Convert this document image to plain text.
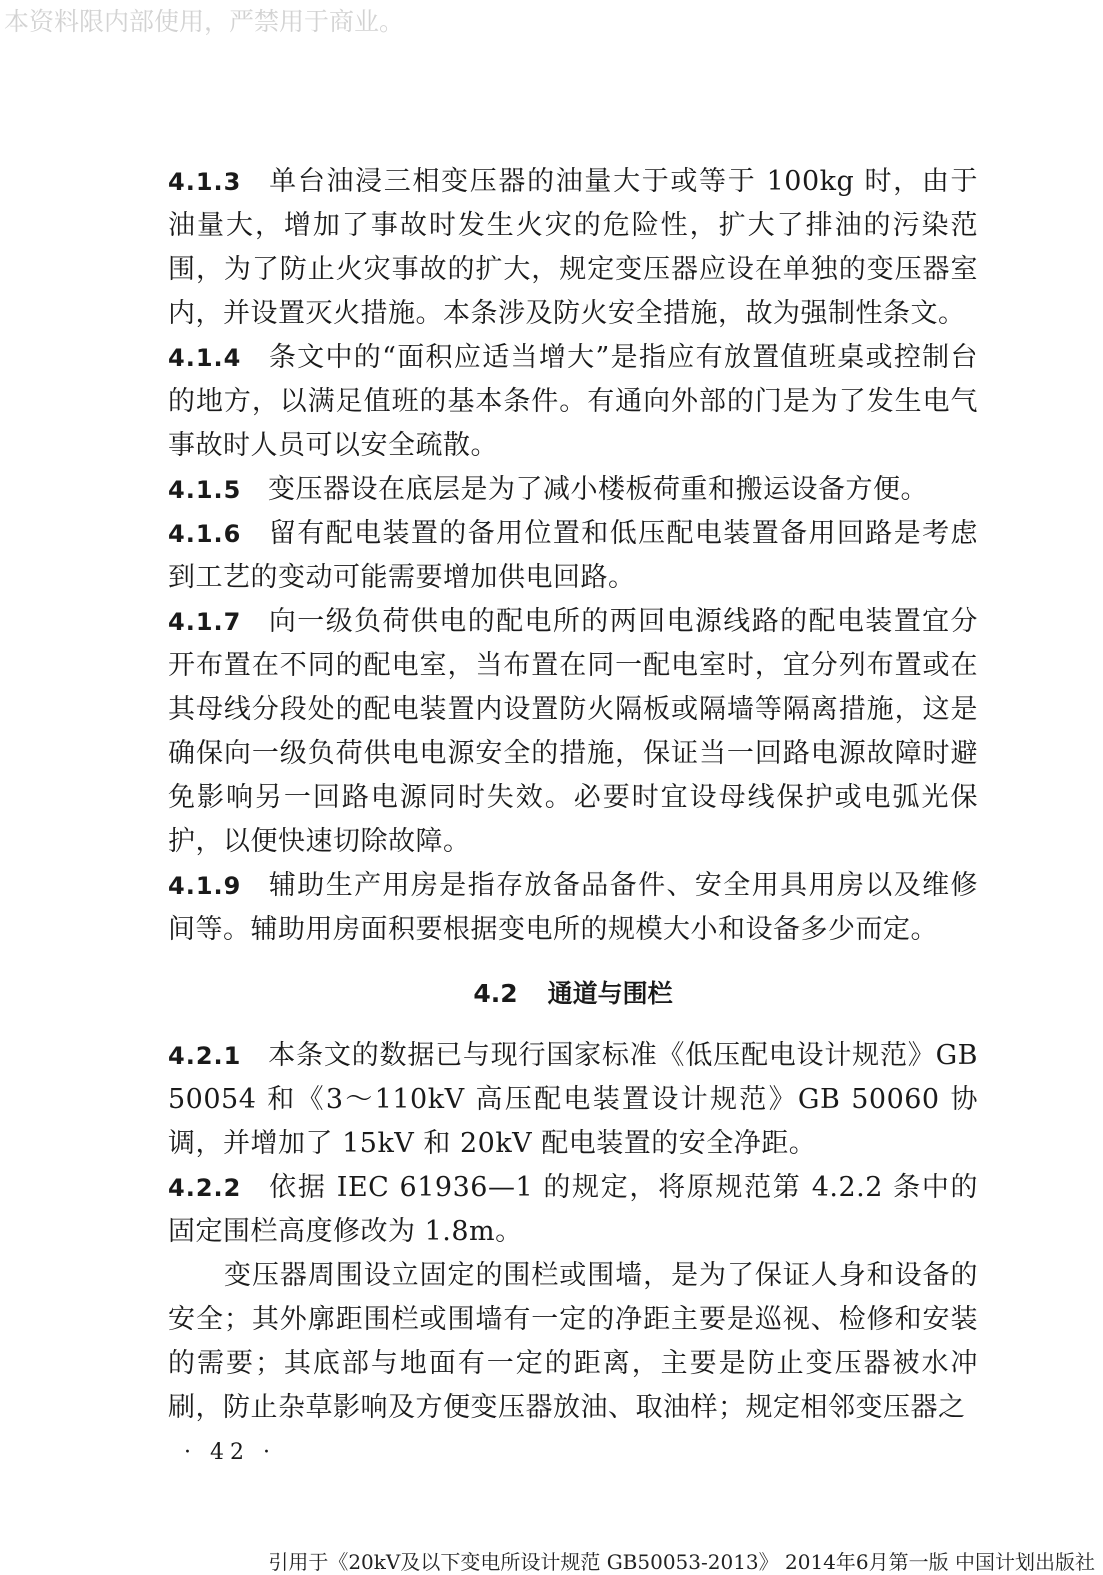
本资料限内部使用，严禁用于商业。

4.1.3 单台油浸三相变压器的油量大于或等于 100kg 时，由于油量大，增加了事故时发生火灾的危险性，扩大了排油的污染范围，为了防止火灾事故的扩大，规定变压器应设在单独的变压器室内，并设置灭火措施。本条涉及防火安全措施，故为强制性条文。

4.1.4 条文中的“面积应适当增大”是指应有放置值班桌或控制台的地方，以满足值班的基本条件。有通向外部的门是为了发生电气事故时人员可以安全疏散。

4.1.5 变压器设在底层是为了减小楼板荷重和搬运设备方便。

4.1.6 留有配电装置的备用位置和低压配电装置备用回路是考虑到工艺的变动可能需要增加供电回路。

4.1.7 向一级负荷供电的配电所的两回电源线路的配电装置宜分开布置在不同的配电室，当布置在同一配电室时，宜分列布置或在其母线分段处的配电装置内设置防火隔板或隔墙等隔离措施，这是确保向一级负荷供电电源安全的措施，保证当一回路电源故障时避免影响另一回路电源同时失效。必要时宜设母线保护或电弧光保护，以便快速切除故障。

4.1.9 辅助生产用房是指存放备品备件、安全用具用房以及维修间等。辅助用房面积要根据变电所的规模大小和设备多少而定。

4.2 通道与围栏

4.2.1 本条文的数据已与现行国家标准《低压配电设计规范》GB 50054 和《3～110kV 高压配电装置设计规范》GB 50060 协调，并增加了 15kV 和 20kV 配电装置的安全净距。

4.2.2 依据 IEC 61936—1 的规定，将原规范第 4.2.2 条中的固定围栏高度修改为 1.8m。

变压器周围设立固定的围栏或围墙，是为了保证人身和设备的安全；其外廓距围栏或围墙有一定的净距主要是巡视、检修和安装的需要；其底部与地面有一定的距离，主要是防止变压器被水冲刷，防止杂草影响及方便变压器放油、取油样；规定相邻变压器之

· 42 ·
引用于《20kV及以下变电所设计规范 GB50053-2013》 2014年6月第一版 中国计划出版社
